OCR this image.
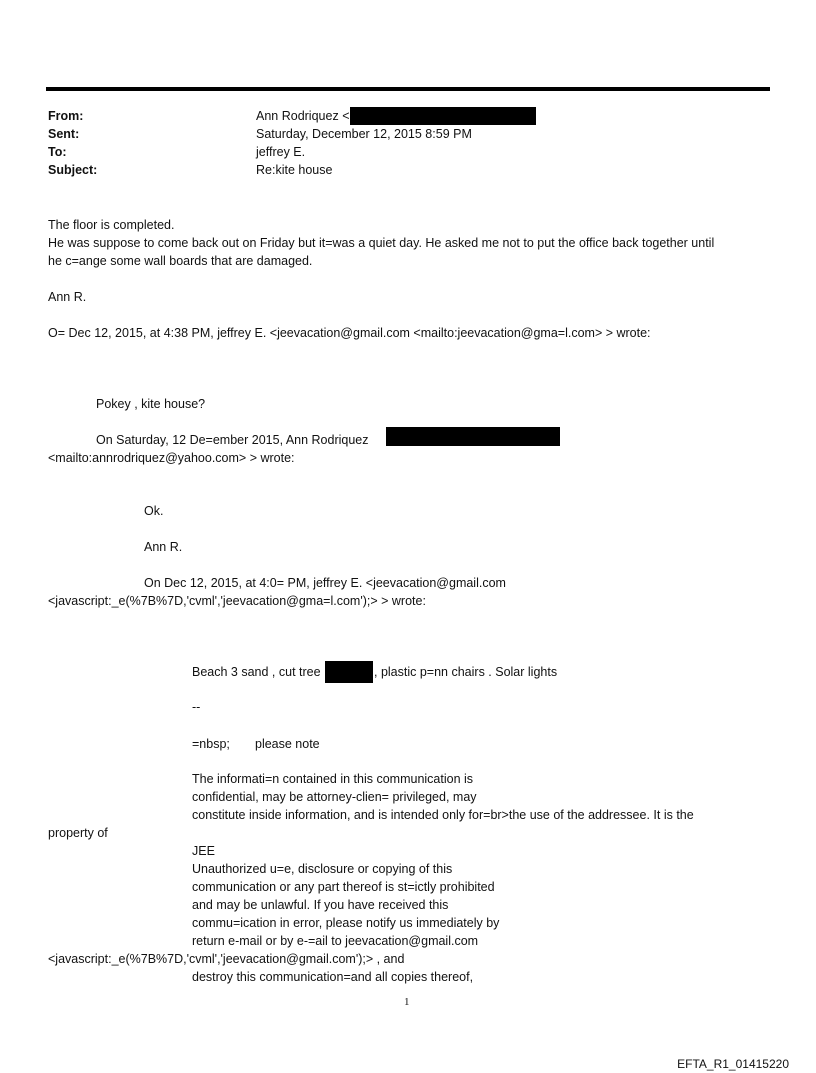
From:	Ann Rodriquez <
Sent:	Saturday, December 12, 2015 8:59 PM
To:	jeffrey E.
Subject:	Re:kite house
The floor is completed.
He was suppose to come back out on Friday but it=was a quiet day. He asked me not to put the office back together until
he c=ange some wall boards that are damaged.
Ann R.
O= Dec 12, 2015, at 4:38 PM, jeffrey E. <jeevacation@gmail.com <mailto:jeevacation@gma=l.com> > wrote:
Pokey , kite house?
On Saturday, 12 De=ember 2015, Ann Rodriquez
<mailto:annrodriquez@yahoo.com> > wrote:
Ok.
Ann R.
On Dec 12, 2015, at 4:0= PM, jeffrey E. <jeevacation@gmail.com
<javascript:_e(%7B%7D,'cvml','jeevacation@gma=l.com');> > wrote:
Beach 3 sand , cut tree	, plastic p=nn chairs . Solar lights
--
=nbsp; please note
The informati=n contained in this communication is
confidential, may be attorney-clien= privileged, may
constitute inside information, and is intended only for=br>the use of the addressee. It is the
property of
JEE
Unauthorized u=e, disclosure or copying of this
communication or any part thereof is st=ictly prohibited
and may be unlawful. If you have received this
commu=ication in error, please notify us immediately by
return e-mail or by e-=ail to jeevacation@gmail.com
<javascript:_e(%7B%7D,'cvml','jeevacation@gmail.com');> , and
destroy this communication=and all copies thereof,
1
EFTA_R1_01415220
